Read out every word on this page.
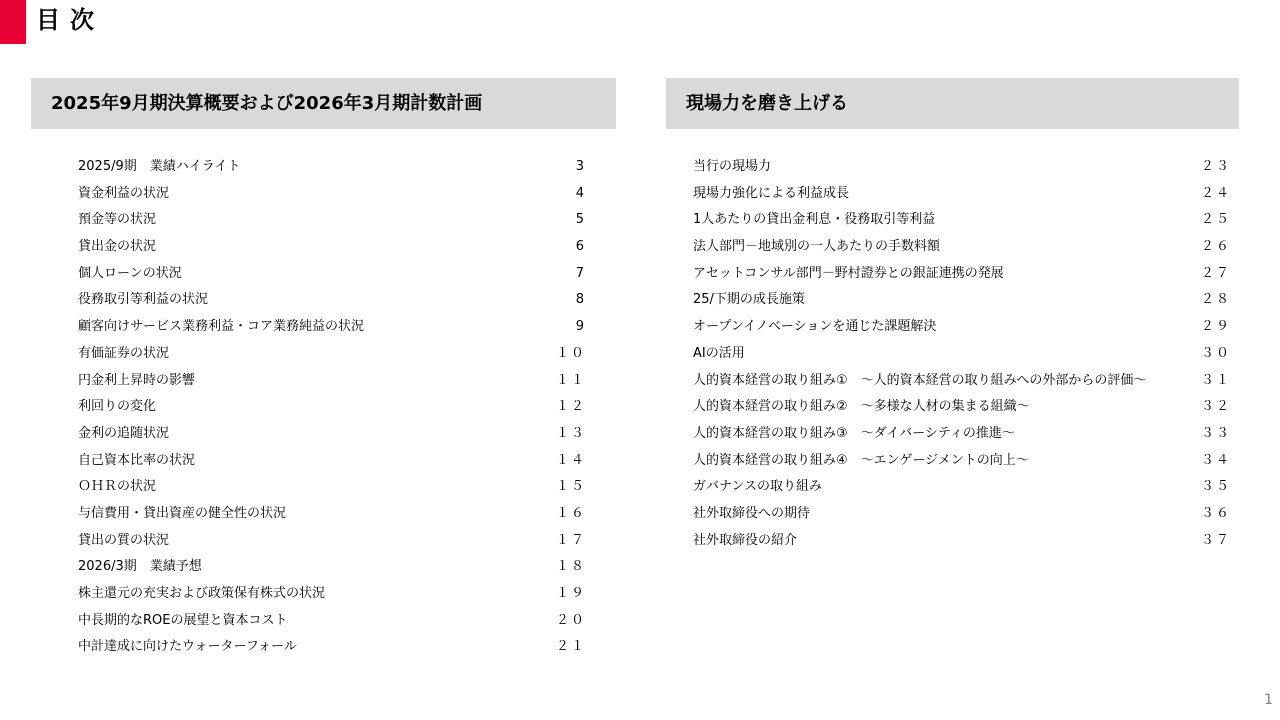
目次
2025年9月期決算概要および2026年3月期計数計画	現場力を磨き上げる
2025/9期　業績ハイライト	3
資金利益の状況	4
預金等の状況	5
貸出金の状況	6
個人ローンの状況	7
役務取引等利益の状況	8
顧客向けサービス業務利益・コア業務純益の状況	9
有価証券の状況	１０
円金利上昇時の影響	１１
利回りの変化	１２
金利の追随状況	１３
自己資本比率の状況	１４
ＯＨＲの状況	１５
与信費用・貸出資産の健全性の状況	１６
貸出の質の状況	１７
2026/3期　業績予想	１８
株主還元の充実および政策保有株式の状況	１９
中長期的なROEの展望と資本コスト	２０
中計達成に向けたウォーターフォール	２１
当行の現場力	２３
現場力強化による利益成長	２４
1人あたりの貸出金利息・役務取引等利益	２５
法人部門－地域別の一人あたりの手数料額	２６
アセットコンサル部門－野村證券との銀証連携の発展	２７
25/下期の成長施策	２８
オープンイノベーションを通じた課題解決	２９
AIの活用	３０
人的資本経営の取り組み①　～人的資本経営の取り組みへの外部からの評価～	３１
人的資本経営の取り組み②　～多様な人材の集まる組織～	３２
人的資本経営の取り組み③　～ダイバーシティの推進～	３３
人的資本経営の取り組み④　～エンゲージメントの向上～	３４
ガバナンスの取り組み	３５
社外取締役への期待	３６
社外取締役の紹介	３７
1
